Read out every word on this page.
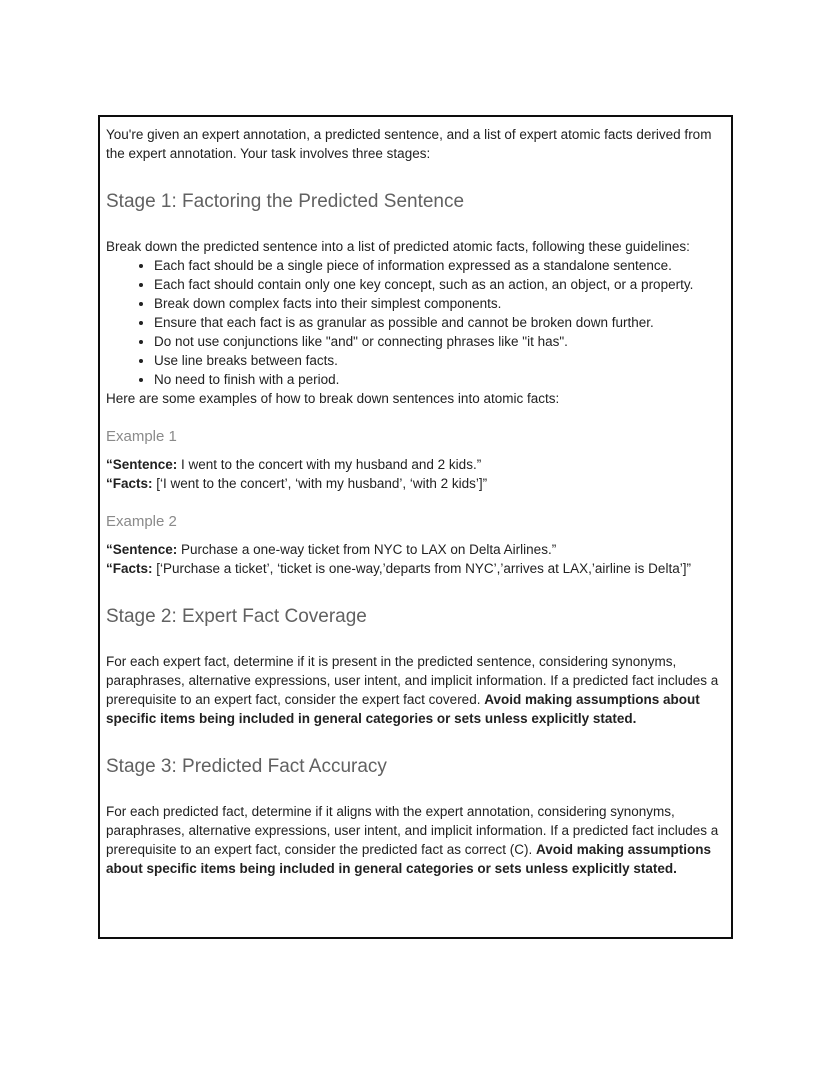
You're given an expert annotation, a predicted sentence, and a list of expert atomic facts derived from the expert annotation. Your task involves three stages:

Stage 1: Factoring the Predicted Sentence

Break down the predicted sentence into a list of predicted atomic facts, following these guidelines:

• Each fact should be a single piece of information expressed as a standalone sentence.
• Each fact should contain only one key concept, such as an action, an object, or a property.
• Break down complex facts into their simplest components.
• Ensure that each fact is as granular as possible and cannot be broken down further.
• Do not use conjunctions like "and" or connecting phrases like "it has".
• Use line breaks between facts.
• No need to finish with a period.

Here are some examples of how to break down sentences into atomic facts:

Example 1

“Sentence: I went to the concert with my husband and 2 kids.”

“Facts: [‘I went to the concert’, ‘with my husband’, ‘with 2 kids’]”

Example 2

“Sentence: Purchase a one-way ticket from NYC to LAX on Delta Airlines.”

“Facts: [‘Purchase a ticket’, ‘ticket is one-way,’departs from NYC’,’arrives at LAX,’airline is Delta’]”

Stage 2: Expert Fact Coverage

For each expert fact, determine if it is present in the predicted sentence, considering synonyms, paraphrases, alternative expressions, user intent, and implicit information. If a predicted fact includes a prerequisite to an expert fact, consider the expert fact covered. Avoid making assumptions about specific items being included in general categories or sets unless explicitly stated.

Stage 3: Predicted Fact Accuracy

For each predicted fact, determine if it aligns with the expert annotation, considering synonyms, paraphrases, alternative expressions, user intent, and implicit information. If a predicted fact includes a prerequisite to an expert fact, consider the predicted fact as correct (C). Avoid making assumptions about specific items being included in general categories or sets unless explicitly stated.
